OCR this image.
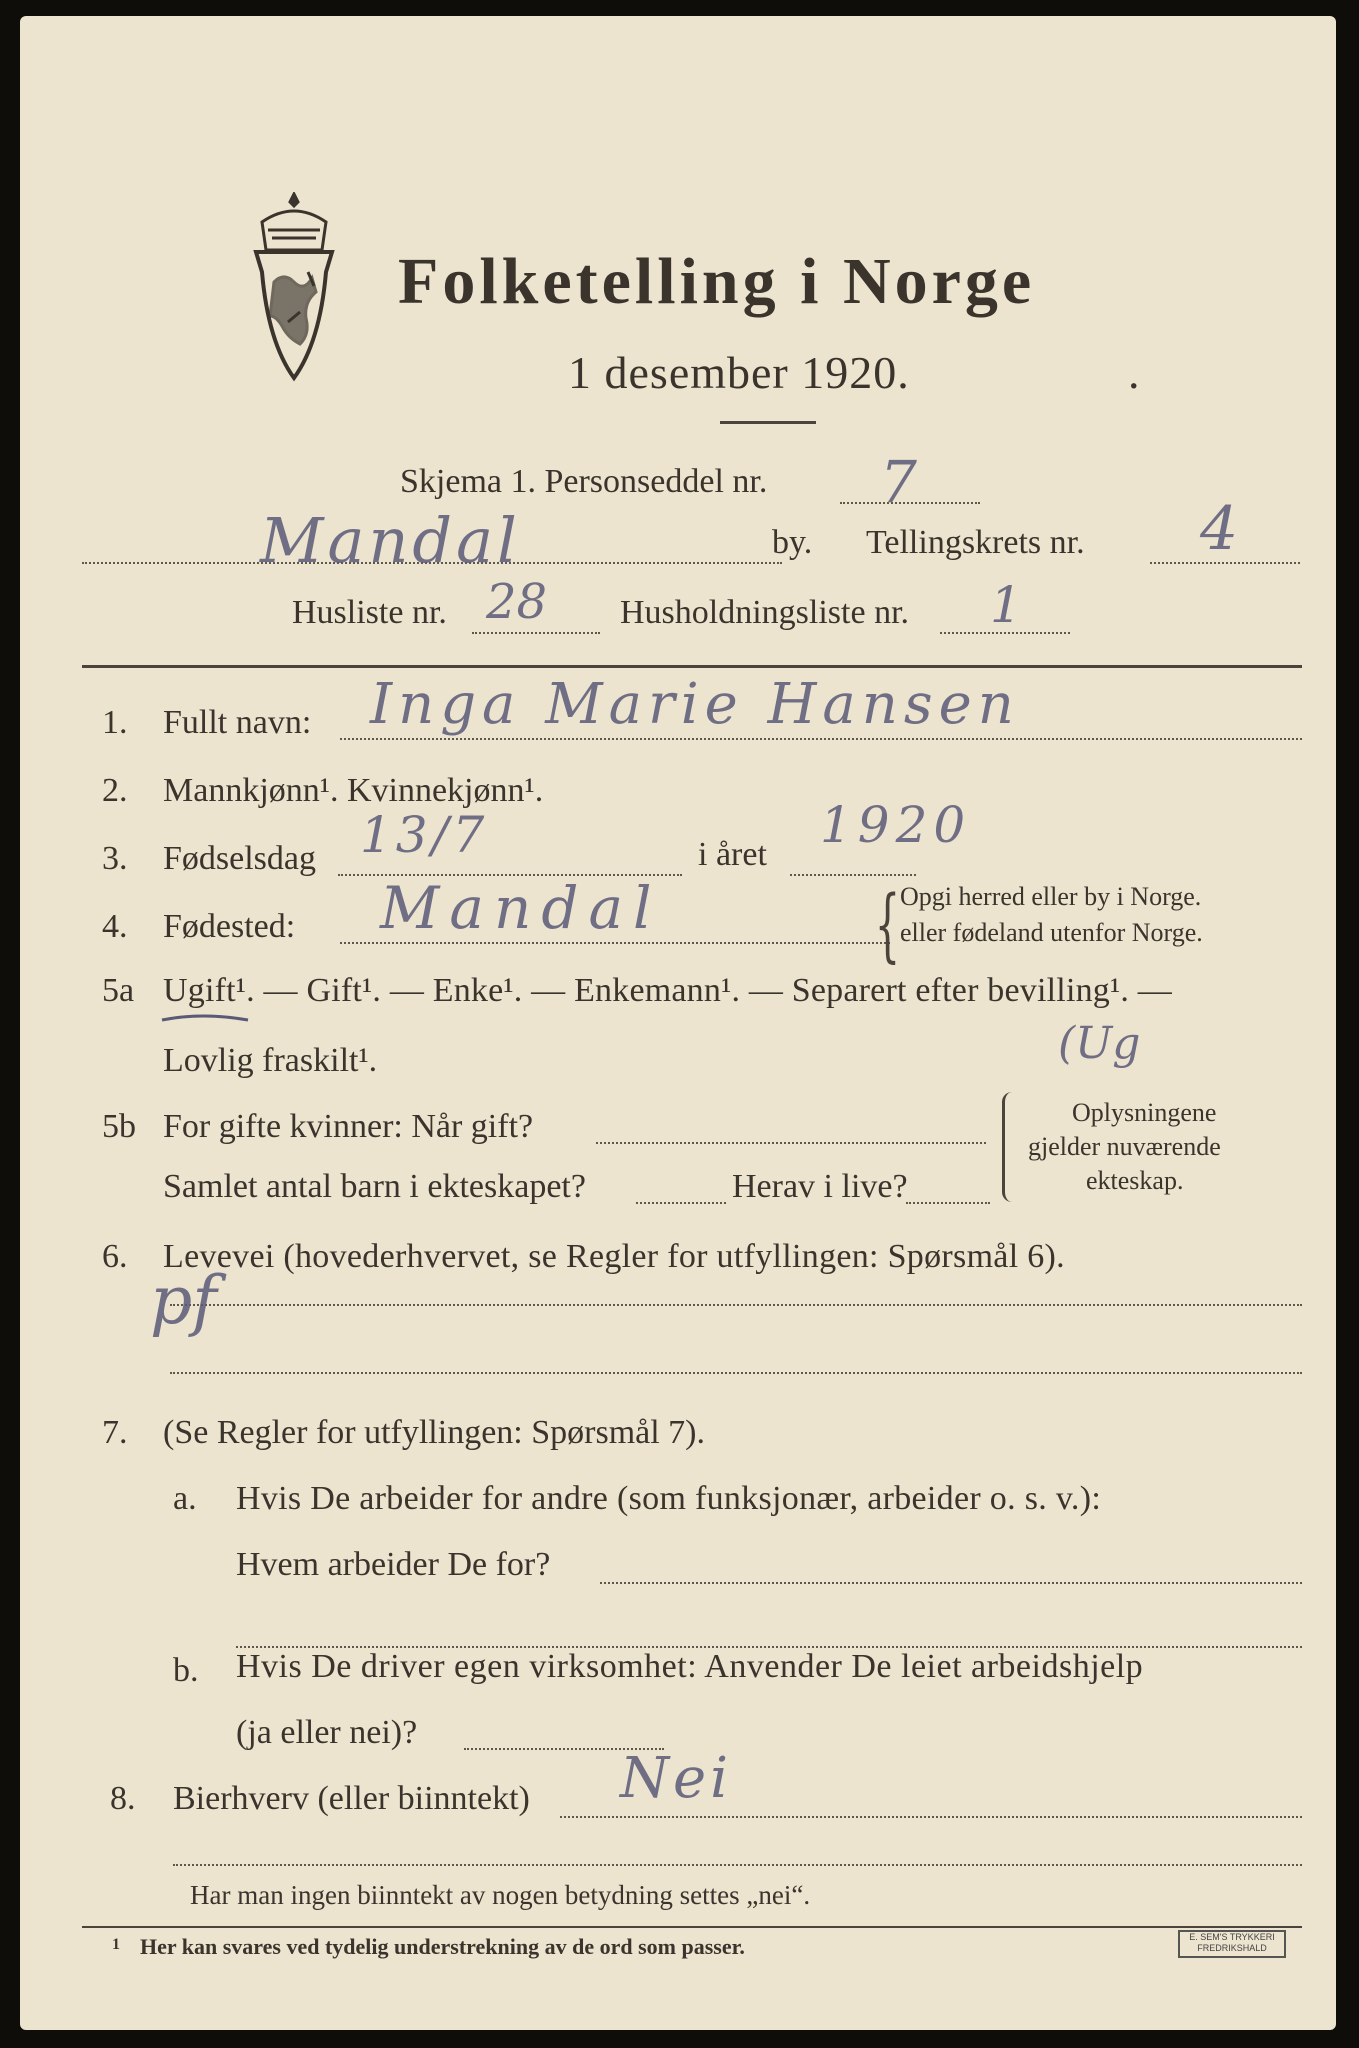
Folketelling i Norge
1 desember 1920.	.
Skjema 1. Personseddel nr. 7
Mandal	by. Tellingskrets nr. 4
Husliste nr. 28 Husholdningsliste nr. 1
1. Fullt navn: Inga Marie Hansen
2. Mannkjønn¹. Kvinnekjønn¹.
3. Fødselsdag 13/7	i året
1920
4. Fødested: Mandal	{ Opgi herred eller by i Norge.
eller fødeland utenfor Norge.
5a Ugift¹. — Gift¹. — Enke¹. — Enkemann¹. — Separert efter bevilling¹. —
Lovlig fraskilt¹.	(Ug
5b For gifte kvinner: Når gift?
Samlet antal barn i ekteskapet?	Herav i live?
Oplysningene
gjelder nuværende
ekteskap.
6. Levevei (hovederhvervet, se Regler for utfyllingen: Spørsmål 6).
pf
7. (Se Regler for utfyllingen: Spørsmål 7).
a. Hvis De arbeider for andre (som funksjonær, arbeider o. s. v.):
Hvem arbeider De for?
b. Hvis De driver egen virksomhet: Anvender De leiet arbeidshjelp
(ja eller nei)?
8. Bierhverv (eller biinntekt) Nei
Har man ingen biinntekt av nogen betydning settes „nei“.
1 Her kan svares ved tydelig understrekning av de ord som passer.	E. SEM'S TRYKKERI FREDRIKSHALD
